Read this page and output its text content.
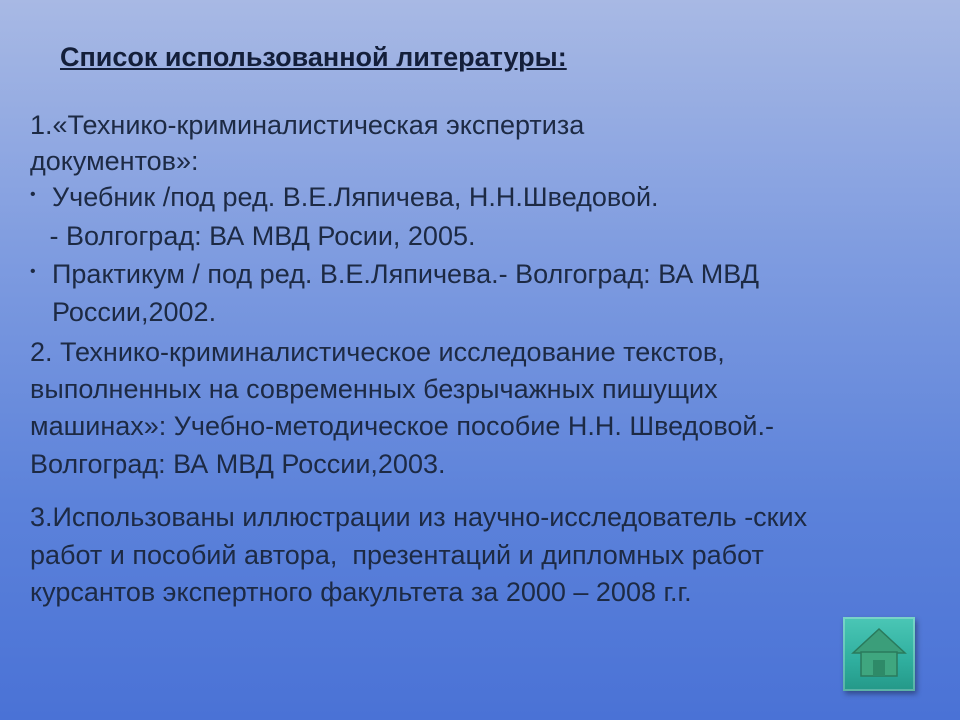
Список использованной литературы:
1.«Технико-криминалистическая экспертиза
документов»:
• Учебник /под ред. В.Е.Ляпичева, Н.Н.Шведовой.
- Волгоград: ВА МВД Росии, 2005.
• Практикум / под ред. В.Е.Ляпичева.- Волгоград: ВА МВД
России,2002.
2. Технико-криминалистическое исследование текстов,
выполненных на современных безрычажных пишущих
машинах»: Учебно-методическое пособие Н.Н. Шведовой.-
Волгоград: ВА МВД России,2003.
3.Использованы иллюстрации из научно-исследователь -ских
работ и пособий автора,  презентаций и дипломных работ
курсантов экспертного факультета за 2000 – 2008 г.г.
